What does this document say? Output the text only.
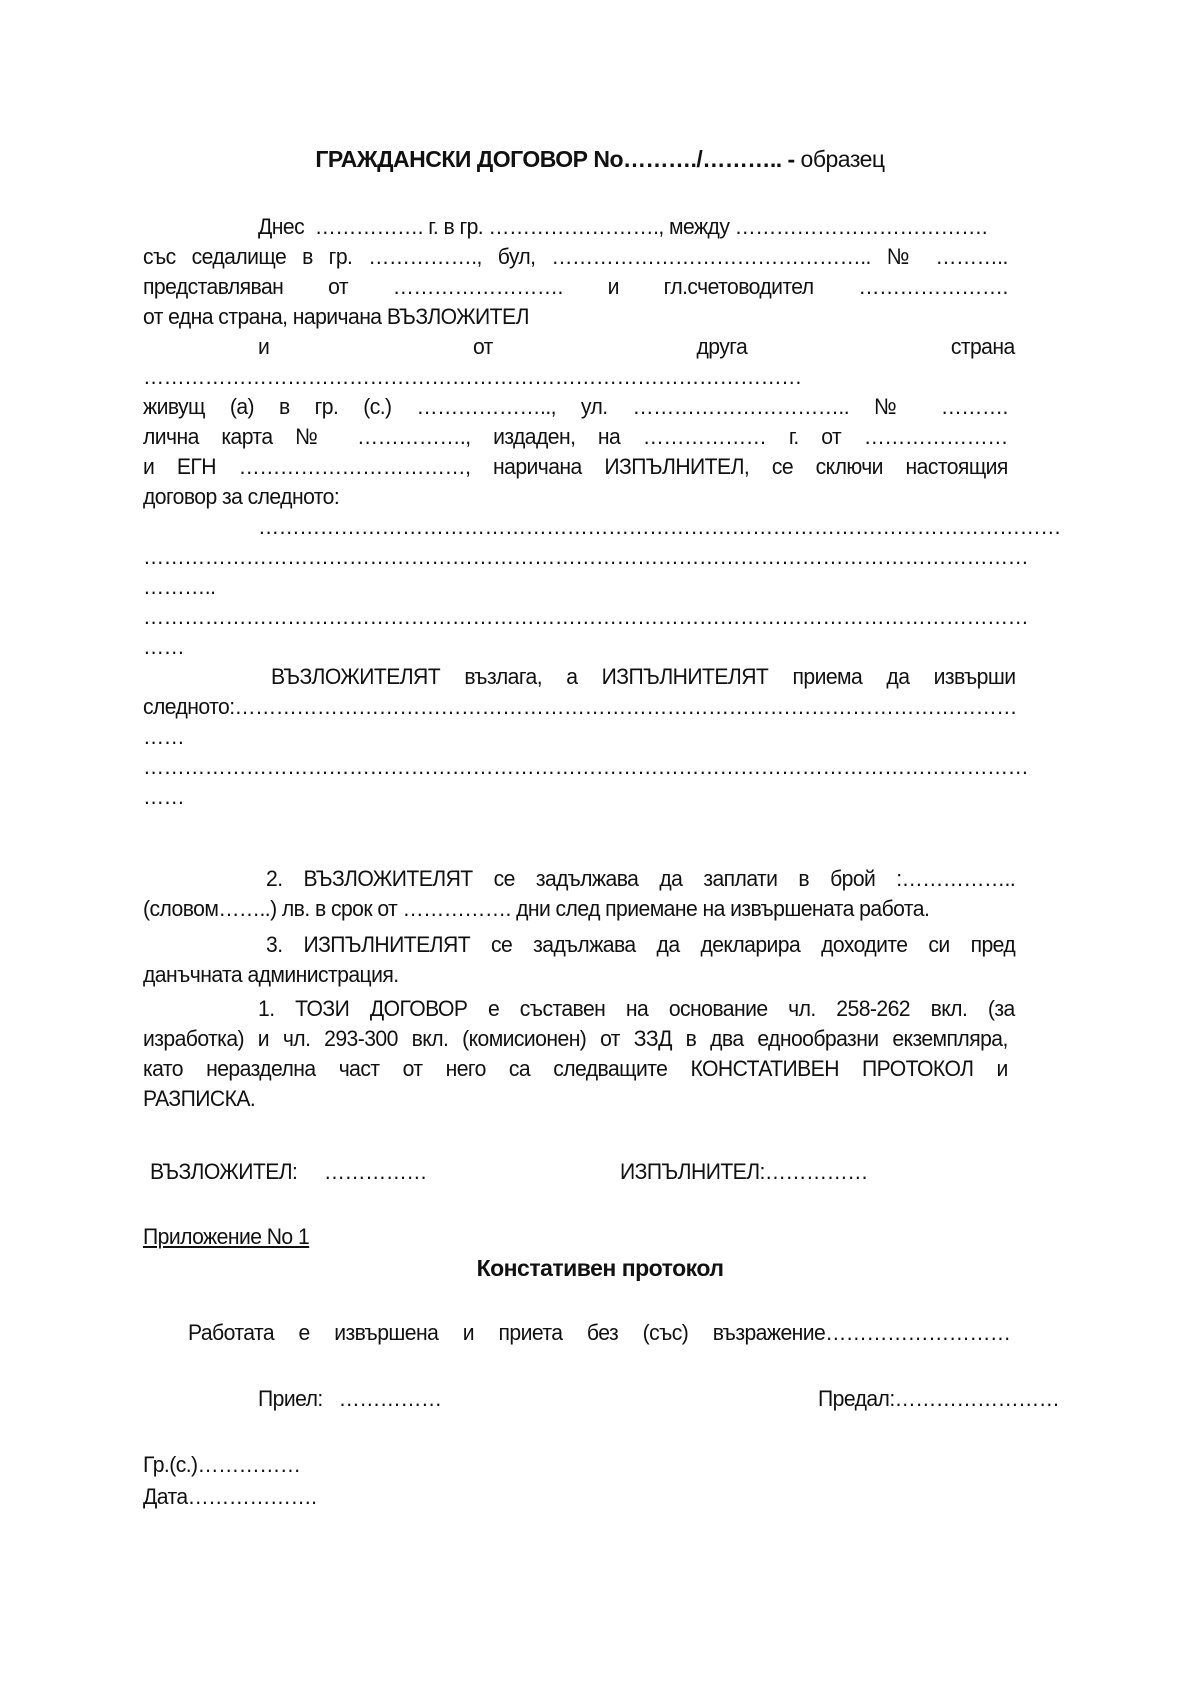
ГРАЖДАНСКИ ДОГОВОР No………./……….. - образец
Днес  ……………. г. в гр. ……………………., между ……………………………….
със седалище в гр. ……………., бул, ……………………………………….. № ………..
представляван от ……………………. и гл.счетоводител ………………….
от една страна, наричана ВЪЗЛОЖИТЕЛ
и от друга страна
……………………………………………………………………………………
живущ (а) в гр. (с.) ……………….., ул. ………………………….. № ……….
лична карта № ……………., издаден, на ……………… г. от …………………
и ЕГН ……………………………, наричана ИЗПЪЛНИТЕЛ, се сключи настоящия
договор за следното:
………………………………………………………………………………………………………
…………………………………………………………………………………………………………………
………..
…………………………………………………………………………………………………………………
……
ВЪЗЛОЖИТЕЛЯТ възлага, а ИЗПЪЛНИТЕЛЯТ приема да извърши
следното:……………………………………………………………………………………………………
……
…………………………………………………………………………………………………………………
……
2. ВЪЗЛОЖИТЕЛЯТ се задължава да заплати в брой :……………..
(словом……..) лв. в срок от ……………. дни след приемане на извършената работа.
3. ИЗПЪЛНИТЕЛЯТ се задължава да декларира доходите си пред
данъчната администрация.
1. ТОЗИ ДОГОВОР е съставен на основание чл. 258-262 вкл. (за
изработка) и чл. 293-300 вкл. (комисионен) от ЗЗД в два еднообразни екземпляра,
като неразделна част от него са следващите КОНСТАТИВЕН ПРОТОКОЛ и
РАЗПИСКА.
ВЪЗЛОЖИТЕЛ:     ……………	ИЗПЪЛНИТЕЛ:……………
Приложение No 1
Констативен протокол
Работата е извършена и приета без (със) възражение………………………
Приел:   ……………	Предал:……………………
Гр.(с.)……………
Дата……………….
